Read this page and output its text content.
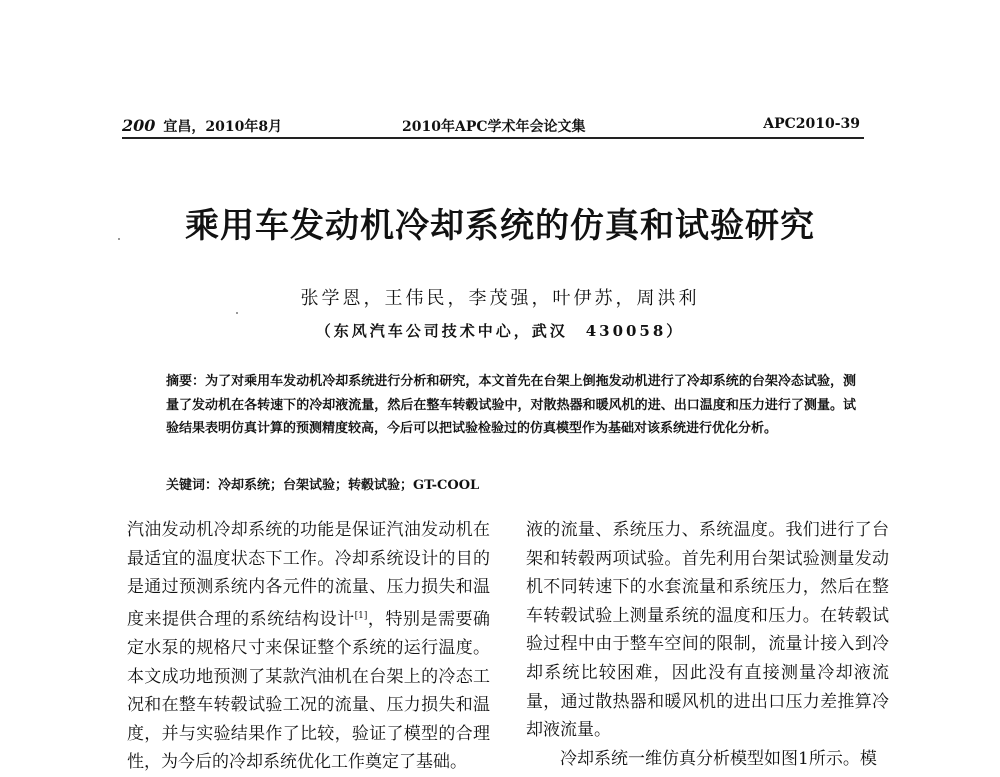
200 宜昌，2010年8月	2010年APC学术年会论文集	APC2010-39
乘用车发动机冷却系统的仿真和试验研究
张学恩，王伟民，李茂强，叶伊苏，周洪利
（东风汽车公司技术中心，武汉　430058）
摘要：为了对乘用车发动机冷却系统进行分析和研究，本文首先在台架上倒拖发动机进行了冷却系统的台架冷态试验，测量了发动机在各转速下的冷却液流量，然后在整车转毂试验中，对散热器和暖风机的进、出口温度和压力进行了测量。试验结果表明仿真计算的预测精度较高，今后可以把试验检验过的仿真模型作为基础对该系统进行优化分析。
关键词：冷却系统；台架试验；转毂试验；GT-COOL

汽油发动机冷却系统的功能是保证汽油发动机在最适宜的温度状态下工作。冷却系统设计的目的是通过预测系统内各元件的流量、压力损失和温度来提供合理的系统结构设计[1]，特别是需要确定水泵的规格尺寸来保证整个系统的运行温度。本文成功地预测了某款汽油机在台架上的冷态工况和在整车转毂试验工况的流量、压力损失和温度，并与实验结果作了比较，验证了模型的合理性，为今后的冷却系统优化工作奠定了基础。

液的流量、系统压力、系统温度。我们进行了台架和转毂两项试验。首先利用台架试验测量发动机不同转速下的水套流量和系统压力，然后在整车转毂试验上测量系统的温度和压力。在转毂试验过程中由于整车空间的限制，流量计接入到冷却系统比较困难，因此没有直接测量冷却液流量，通过散热器和暖风机的进出口压力差推算冷却液流量。

冷却系统一维仿真分析模型如图1所示。模
